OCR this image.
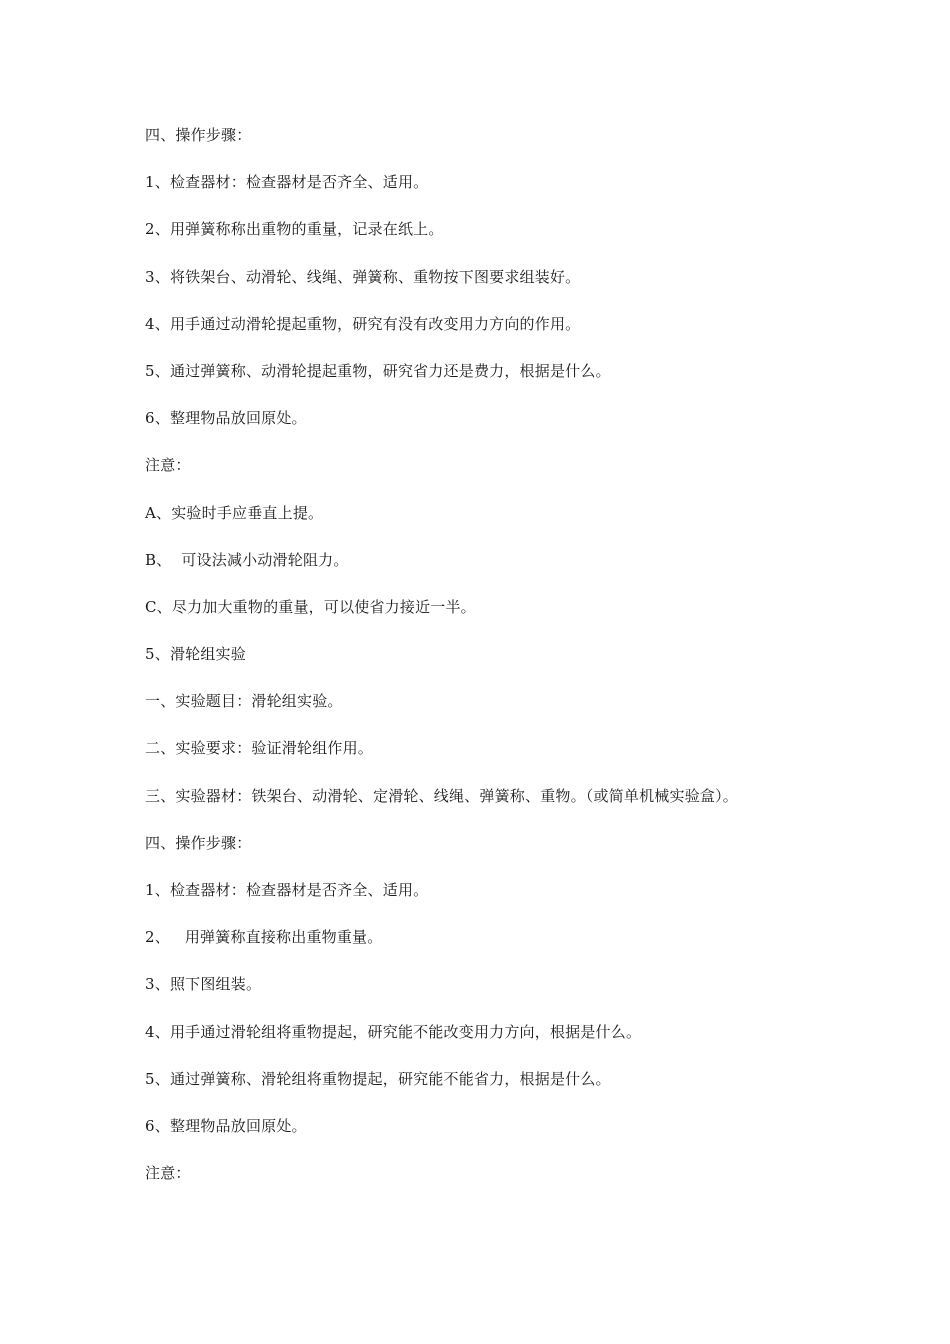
四、操作步骤：
1、检查器材：检查器材是否齐全、适用。
2、用弹簧称称出重物的重量，记录在纸上。
3、将铁架台、动滑轮、线绳、弹簧称、重物按下图要求组装好。
4、用手通过动滑轮提起重物，研究有没有改变用力方向的作用。
5、通过弹簧称、动滑轮提起重物，研究省力还是费力，根据是什么。
6、整理物品放回原处。
注意：
A、实验时手应垂直上提。
B、  可设法减小动滑轮阻力。
C、尽力加大重物的重量，可以使省力接近一半。
5、滑轮组实验
一、实验题目：滑轮组实验。
二、实验要求：验证滑轮组作用。
三、实验器材：铁架台、动滑轮、定滑轮、线绳、弹簧称、重物。（或简单机械实验盒）。
四、操作步骤：
1、检查器材：检查器材是否齐全、适用。
2、   用弹簧称直接称出重物重量。
3、照下图组装。
4、用手通过滑轮组将重物提起，研究能不能改变用力方向，根据是什么。
5、通过弹簧称、滑轮组将重物提起，研究能不能省力，根据是什么。
6、整理物品放回原处。
注意：
